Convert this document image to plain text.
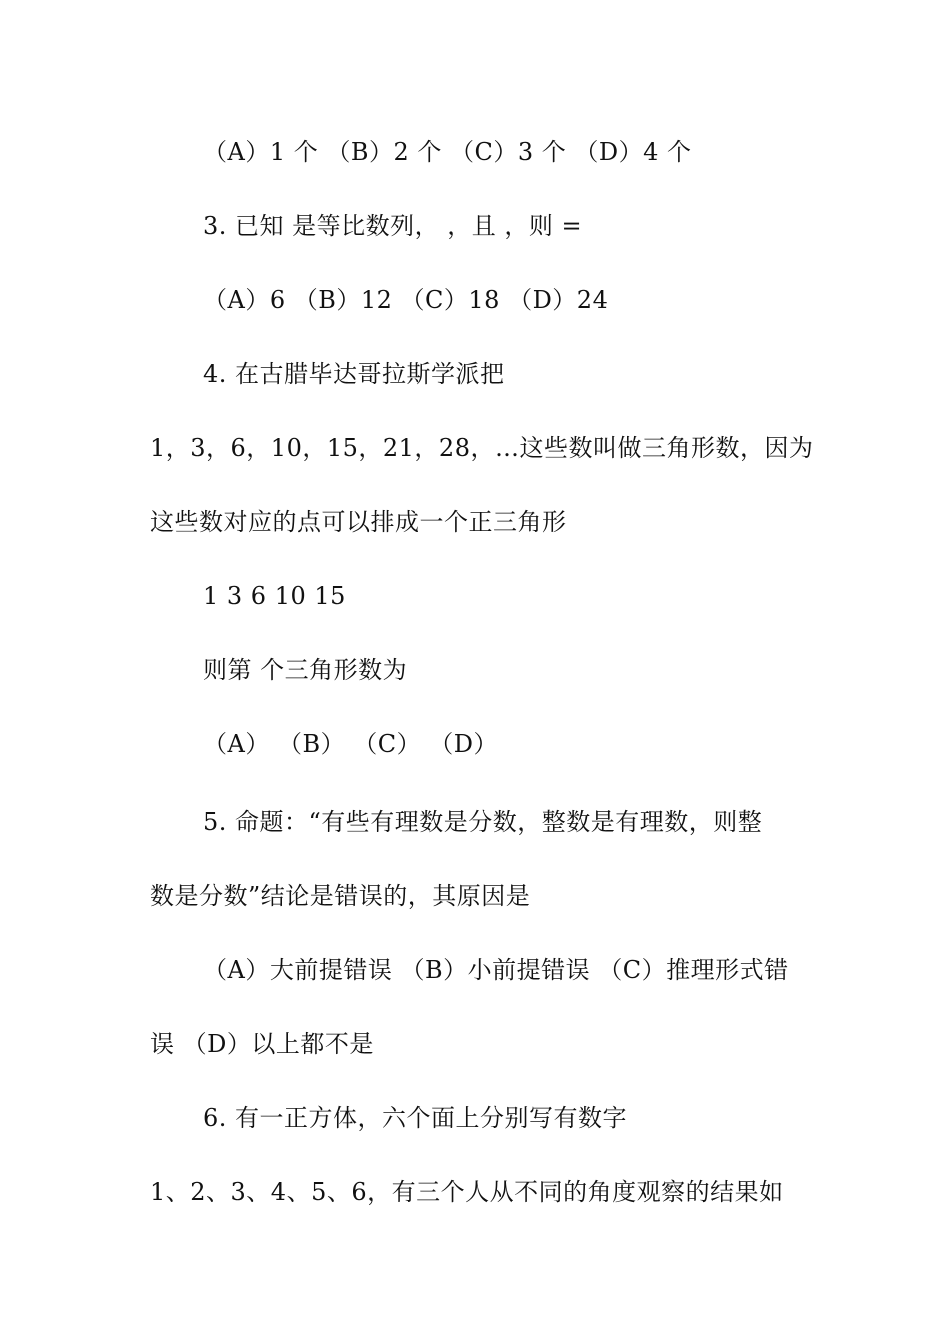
（A）1 个 （B）2 个 （C）3 个 （D）4 个
3. 已知 是等比数列， ，且 ，则 =
（A）6 （B）12 （C）18 （D）24
4. 在古腊毕达哥拉斯学派把
1，3，6，10，15，21，28，…这些数叫做三角形数，因为
这些数对应的点可以排成一个正三角形
1 3 6 10 15
则第 个三角形数为
（A） （B） （C） （D）
5. 命题：“有些有理数是分数，整数是有理数，则整
数是分数”结论是错误的，其原因是
（A）大前提错误 （B）小前提错误 （C）推理形式错
误 （D）以上都不是
6. 有一正方体，六个面上分别写有数字
1、2、3、4、5、6，有三个人从不同的角度观察的结果如
